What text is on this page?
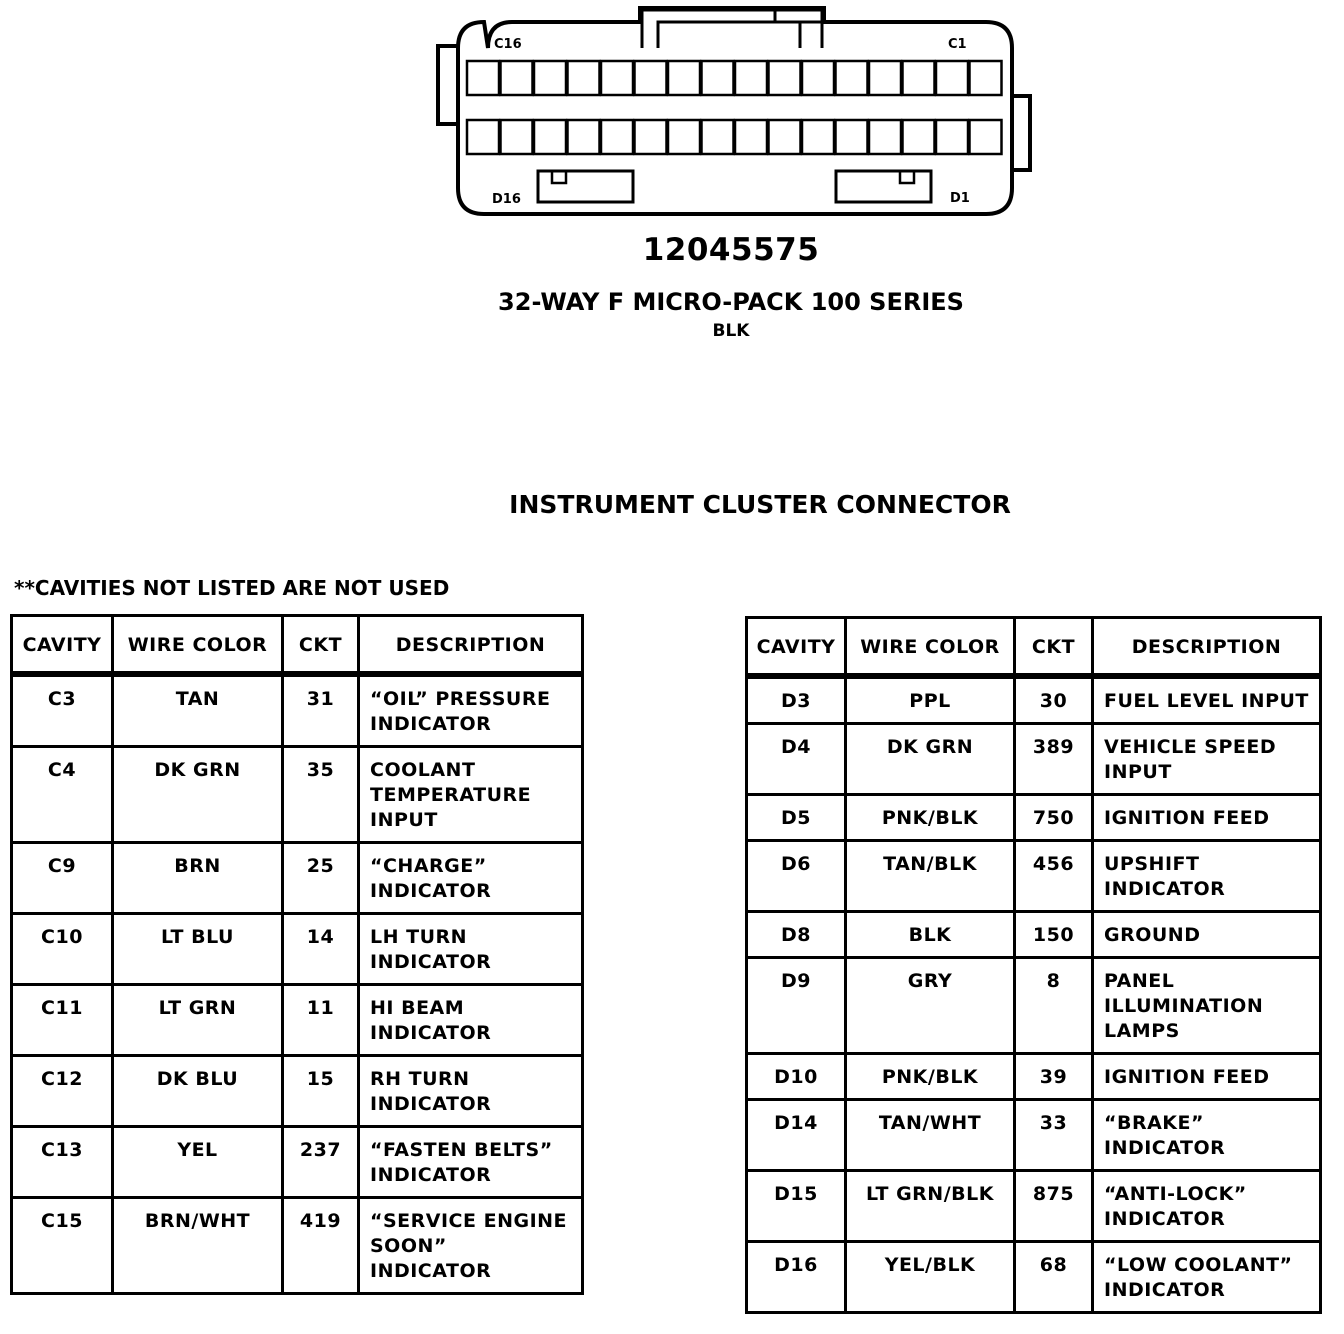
C16	C1
D16	D1
12045575
32-WAY F MICRO-PACK 100 SERIES
BLK
INSTRUMENT CLUSTER CONNECTOR
**CAVITIES NOT LISTED ARE NOT USED
CAVITY	WIRE COLOR	CKT	DESCRIPTION
C3	TAN	31	“OIL” PRESSURE
INDICATOR

C4	DK GRN	35	COOLANT
TEMPERATURE
INPUT

C9	BRN	25	“CHARGE”
INDICATOR

C10	LT BLU	14	LH TURN
INDICATOR

C11	LT GRN	11	HI BEAM
INDICATOR

C12	DK BLU	15	RH TURN
INDICATOR

C13	YEL	237	“FASTEN BELTS”
INDICATOR

C15	BRN/WHT	419	“SERVICE ENGINE
SOON” INDICATOR
CAVITY	WIRE COLOR	CKT	DESCRIPTION
D3	PPL	30	FUEL LEVEL INPUT

D4	DK GRN	389	VEHICLE SPEED
INPUT

D5	PNK/BLK	750	IGNITION FEED

D6	TAN/BLK	456	UPSHIFT
INDICATOR

D8	BLK	150	GROUND

D9	GRY	8	PANEL
ILLUMINATION
LAMPS

D10	PNK/BLK	39	IGNITION FEED

D14	TAN/WHT	33	“BRAKE”
INDICATOR

D15	LT GRN/BLK	875	“ANTI-LOCK”
INDICATOR

D16	YEL/BLK	68	“LOW COOLANT”
INDICATOR
